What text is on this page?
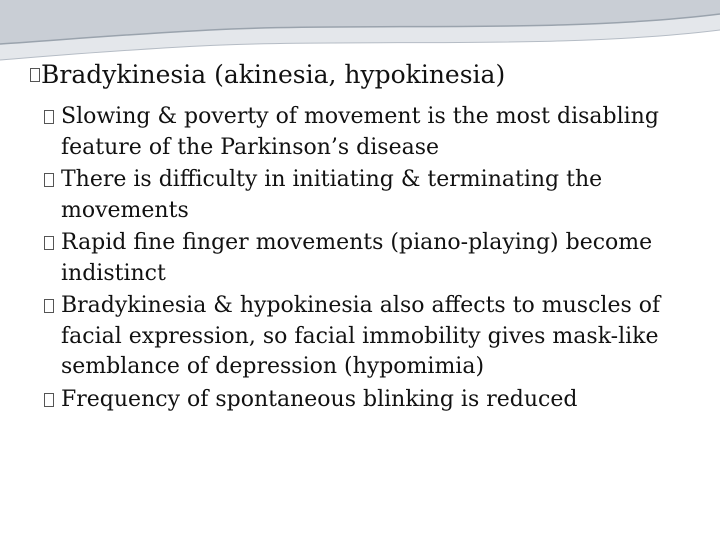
Bradykinesia (akinesia, hypokinesia)
Slowing & poverty of movement is the most disabling feature of the Parkinson’s disease
There is difficulty in initiating & terminating the movements
Rapid fine finger movements (piano-playing) become indistinct
Bradykinesia & hypokinesia also affects to muscles of facial expression, so facial immobility gives mask-like semblance of depression (hypomimia)
Frequency of spontaneous blinking is reduced
